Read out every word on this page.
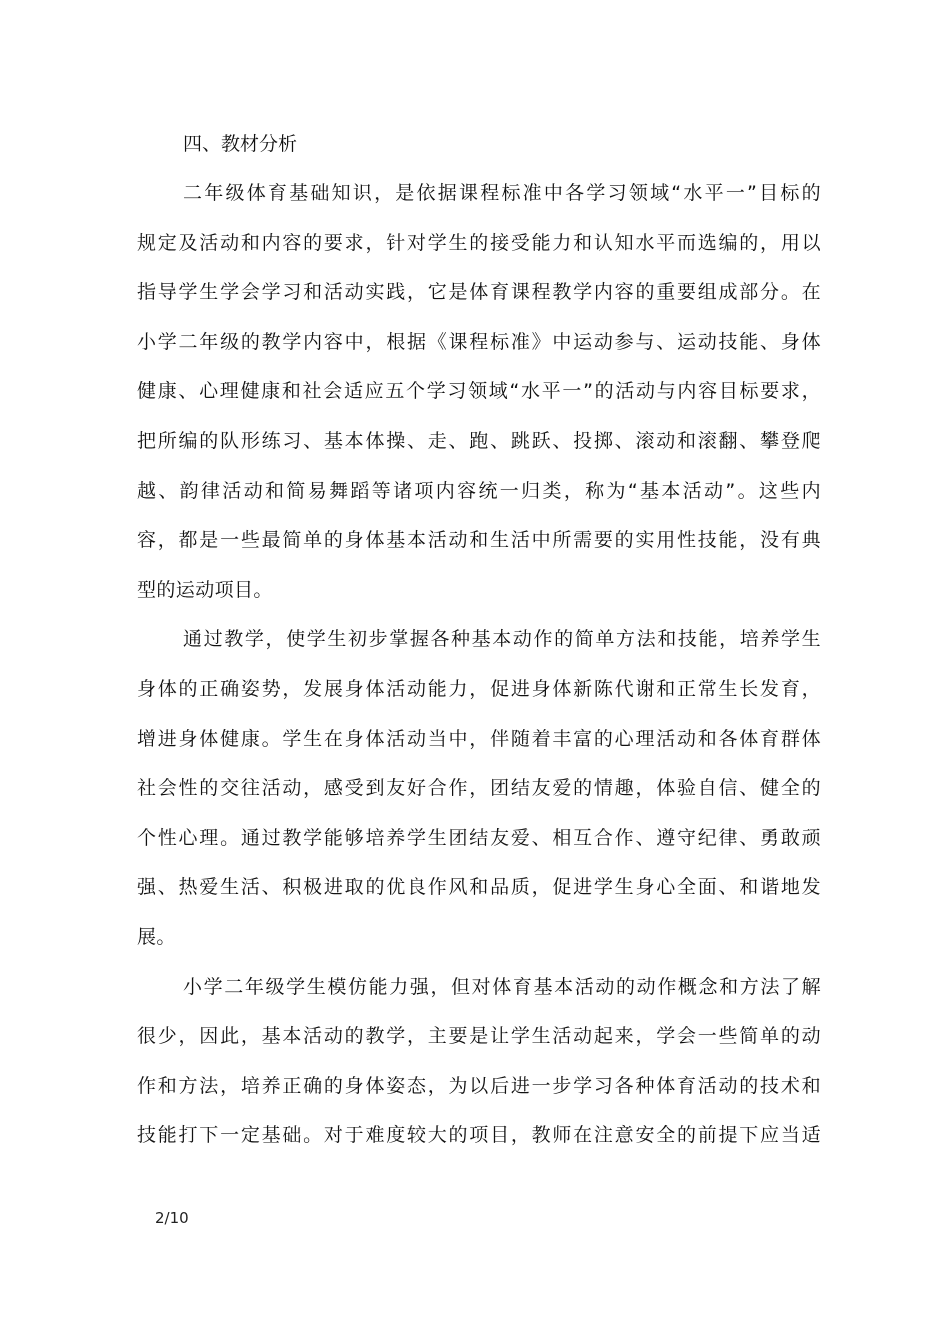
四、教材分析

二年级体育基础知识，是依据课程标准中各学习领域“水平一”目标的
规定及活动和内容的要求，针对学生的接受能力和认知水平而选编的，用以
指导学生学会学习和活动实践，它是体育课程教学内容的重要组成部分。在
小学二年级的教学内容中，根据《课程标准》中运动参与、运动技能、身体
健康、心理健康和社会适应五个学习领域“水平一”的活动与内容目标要求，
把所编的队形练习、基本体操、走、跑、跳跃、投掷、滚动和滚翻、攀登爬
越、韵律活动和简易舞蹈等诸项内容统一归类，称为“基本活动”。这些内
容，都是一些最简单的身体基本活动和生活中所需要的实用性技能，没有典
型的运动项目。

通过教学，使学生初步掌握各种基本动作的简单方法和技能，培养学生
身体的正确姿势，发展身体活动能力，促进身体新陈代谢和正常生长发育，
增进身体健康。学生在身体活动当中，伴随着丰富的心理活动和各体育群体
社会性的交往活动，感受到友好合作，团结友爱的情趣，体验自信、健全的
个性心理。通过教学能够培养学生团结友爱、相互合作、遵守纪律、勇敢顽
强、热爱生活、积极进取的优良作风和品质，促进学生身心全面、和谐地发
展。

小学二年级学生模仿能力强，但对体育基本活动的动作概念和方法了解
很少，因此，基本活动的教学，主要是让学生活动起来，学会一些简单的动
作和方法，培养正确的身体姿态，为以后进一步学习各种体育活动的技术和
技能打下一定基础。对于难度较大的项目，教师在注意安全的前提下应当适

2/10
